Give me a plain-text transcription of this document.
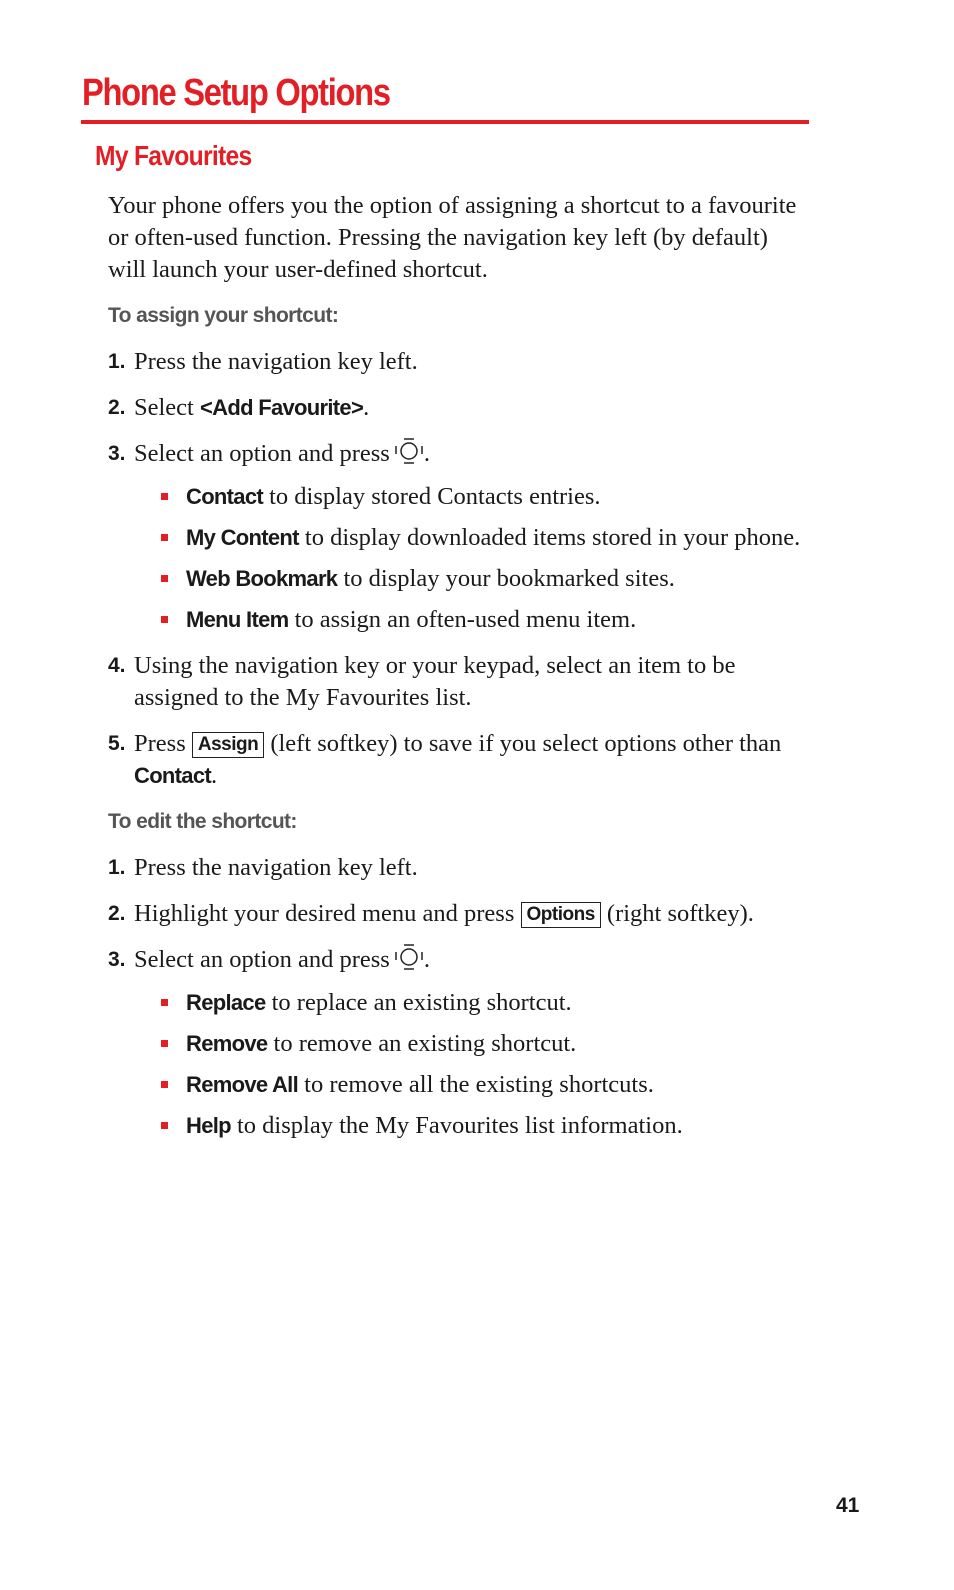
Phone Setup Options
My Favourites

Your phone offers you the option of assigning a shortcut to a favourite or often-used function. Pressing the navigation key left (by default) will launch your user-defined shortcut.

To assign your shortcut:
1. Press the navigation key left.
2. Select <Add Favourite>.
3. Select an option and press .
Contact to display stored Contacts entries.
My Content to display downloaded items stored in your phone.
Web Bookmark to display your bookmarked sites.
Menu Item to assign an often-used menu item.
4. Using the navigation key or your keypad, select an item to be assigned to the My Favourites list.
5. Press Assign (left softkey) to save if you select options other than Contact.
To edit the shortcut:
1. Press the navigation key left.
2. Highlight your desired menu and press Options (right softkey).
3. Select an option and press .
Replace to replace an existing shortcut.
Remove to remove an existing shortcut.
Remove All to remove all the existing shortcuts.
Help to display the My Favourites list information.
41
